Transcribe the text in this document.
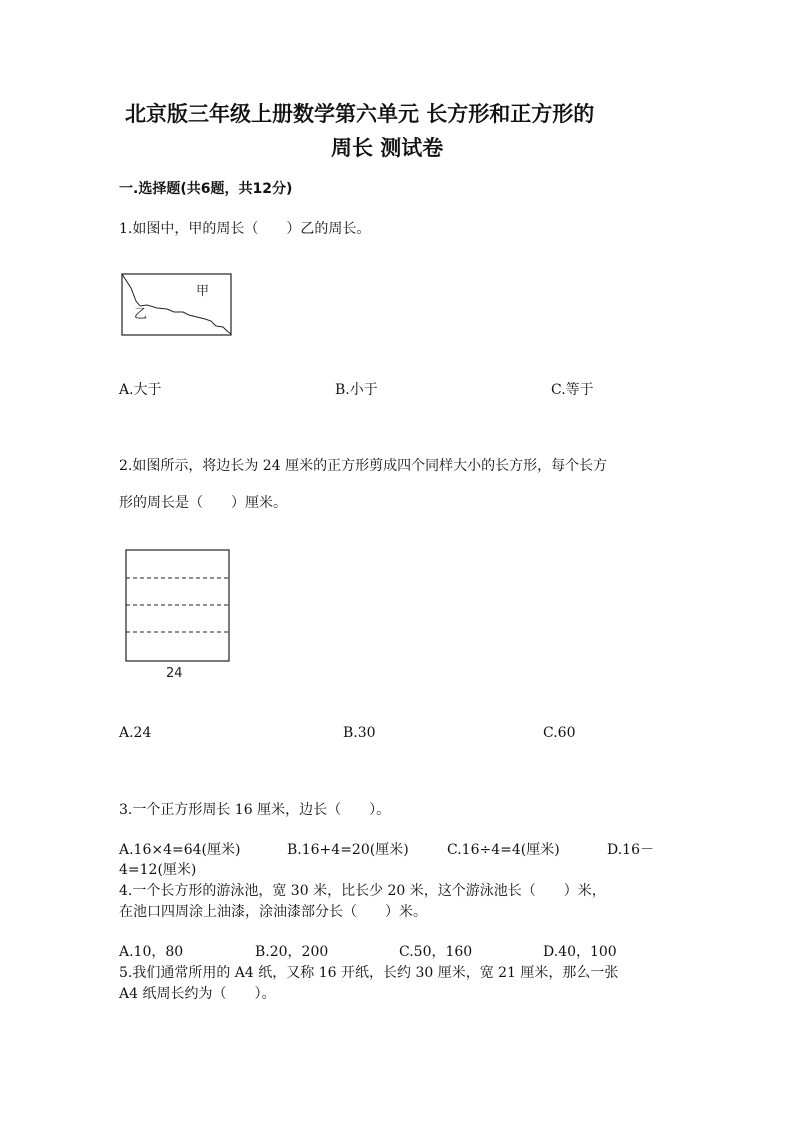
北京版三年级上册数学第六单元 长方形和正方形的
周长 测试卷
一.选择题(共6题，共12分)
1.如图中，甲的周长（　　）乙的周长。
甲
乙
A.大于	B.小于	C.等于
2.如图所示，将边长为 24 厘米的正方形剪成四个同样大小的长方形，每个长方
形的周长是（　　）厘米。
24
A.24	B.30	C.60
3.一个正方形周长 16 厘米，边长（　　）。
A.16×4=64(厘米)	B.16+4=20(厘米)	C.16÷4=4(厘米)	D.16－
4=12(厘米)
4.一个长方形的游泳池，宽 30 米，比长少 20 米，这个游泳池长（　　）米，
在池口四周涂上油漆，涂油漆部分长（　　）米。
A.10，80	B.20，200	C.50，160	D.40，100
5.我们通常所用的 A4 纸，又称 16 开纸，长约 30 厘米，宽 21 厘米，那么一张
A4 纸周长约为（　　）。
